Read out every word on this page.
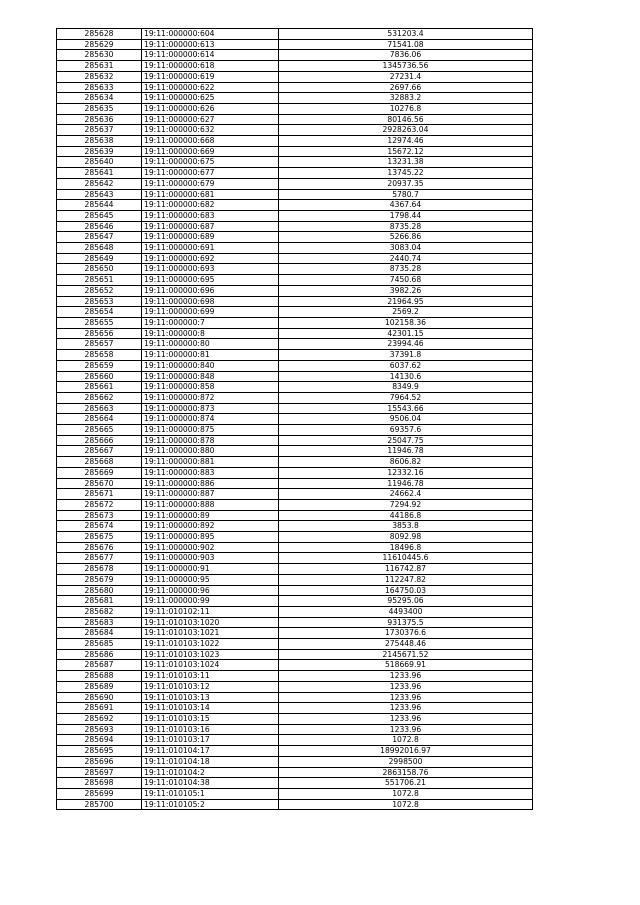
285628	19:11:000000:604	531203.4
285629	19:11:000000:613	71541.08
285630	19:11:000000:614	7836.06
285631	19:11:000000:618	1345736.56
285632	19:11:000000:619	27231.4
285633	19:11:000000:622	2697.66
285634	19:11:000000:625	32883.2
285635	19:11:000000:626	10276.8
285636	19:11:000000:627	80146.56
285637	19:11:000000:632	2928263.04
285638	19:11:000000:668	12974.46
285639	19:11:000000:669	15672.12
285640	19:11:000000:675	13231.38
285641	19:11:000000:677	13745.22
285642	19:11:000000:679	20937.35
285643	19:11:000000:681	5780.7
285644	19:11:000000:682	4367.64
285645	19:11:000000:683	1798.44
285646	19:11:000000:687	8735.28
285647	19:11:000000:689	5266.86
285648	19:11:000000:691	3083.04
285649	19:11:000000:692	2440.74
285650	19:11:000000:693	8735.28
285651	19:11:000000:695	7450.68
285652	19:11:000000:696	3982.26
285653	19:11:000000:698	21964.95
285654	19:11:000000:699	2569.2
285655	19:11:000000:7	102158.36
285656	19:11:000000:8	42301.15
285657	19:11:000000:80	23994.46
285658	19:11:000000:81	37391.8
285659	19:11:000000:840	6037.62
285660	19:11:000000:848	14130.6
285661	19:11:000000:858	8349.9
285662	19:11:000000:872	7964.52
285663	19:11:000000:873	15543.66
285664	19:11:000000:874	9506.04
285665	19:11:000000:875	69357.6
285666	19:11:000000:878	25047.75
285667	19:11:000000:880	11946.78
285668	19:11:000000:881	8606.82
285669	19:11:000000:883	12332.16
285670	19:11:000000:886	11946.78
285671	19:11:000000:887	24662.4
285672	19:11:000000:888	7294.92
285673	19:11:000000:89	44186.8
285674	19:11:000000:892	3853.8
285675	19:11:000000:895	8092.98
285676	19:11:000000:902	18496.8
285677	19:11:000000:903	11610445.6
285678	19:11:000000:91	116742.87
285679	19:11:000000:95	112247.82
285680	19:11:000000:96	164750.03
285681	19:11:000000:99	95295.06
285682	19:11:010102:11	4493400
285683	19:11:010103:1020	931375.5
285684	19:11:010103:1021	1730376.6
285685	19:11:010103:1022	275448.46
285686	19:11:010103:1023	2145671.52
285687	19:11:010103:1024	518669.91
285688	19:11:010103:11	1233.96
285689	19:11:010103:12	1233.96
285690	19:11:010103:13	1233.96
285691	19:11:010103:14	1233.96
285692	19:11:010103:15	1233.96
285693	19:11:010103:16	1233.96
285694	19:11:010103:17	1072.8
285695	19:11:010104:17	18992016.97
285696	19:11:010104:18	2998500
285697	19:11:010104:2	2863158.76
285698	19:11:010104:38	551706.21
285699	19:11:010105:1	1072.8
285700	19:11:010105:2	1072.8
